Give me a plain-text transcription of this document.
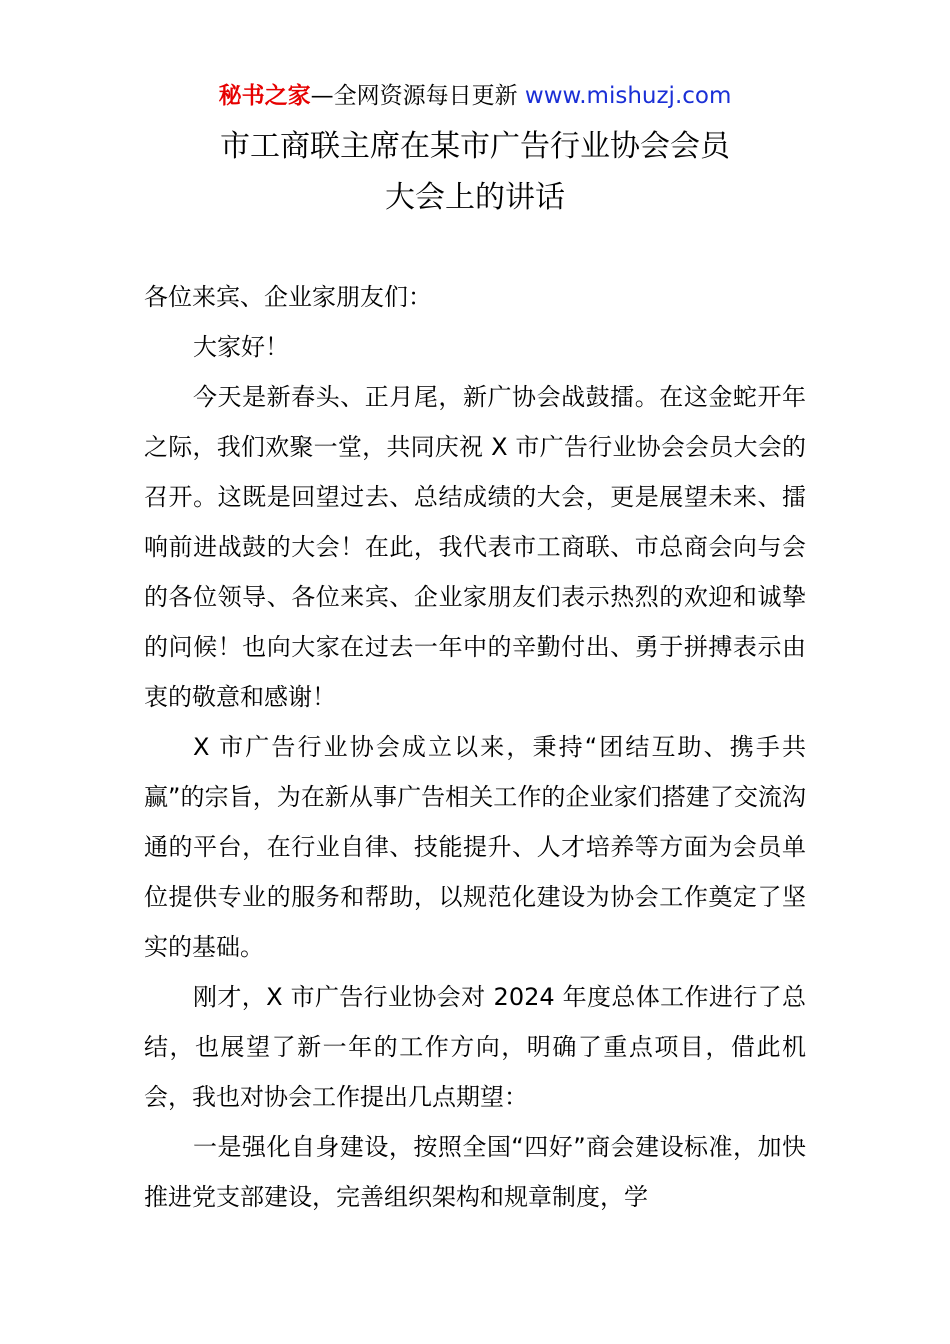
秘书之家—全网资源每日更新 www.mishuzj.com
市工商联主席在某市广告行业协会会员
大会上的讲话

各位来宾、企业家朋友们：

大家好！

今天是新春头、正月尾，新广协会战鼓擂。在这金蛇开年之际，我们欢聚一堂，共同庆祝 X 市广告行业协会会员大会的召开。这既是回望过去、总结成绩的大会，更是展望未来、擂响前进战鼓的大会！在此，我代表市工商联、市总商会向与会的各位领导、各位来宾、企业家朋友们表示热烈的欢迎和诚挚的问候！也向大家在过去一年中的辛勤付出、勇于拼搏表示由衷的敬意和感谢！

X 市广告行业协会成立以来，秉持“团结互助、携手共赢”的宗旨，为在新从事广告相关工作的企业家们搭建了交流沟通的平台，在行业自律、技能提升、人才培养等方面为会员单位提供专业的服务和帮助，以规范化建设为协会工作奠定了坚实的基础。

刚才，X 市广告行业协会对 2024 年度总体工作进行了总结，也展望了新一年的工作方向，明确了重点项目，借此机会，我也对协会工作提出几点期望：

一是强化自身建设，按照全国“四好”商会建设标准，加快推进党支部建设，完善组织架构和规章制度，学
